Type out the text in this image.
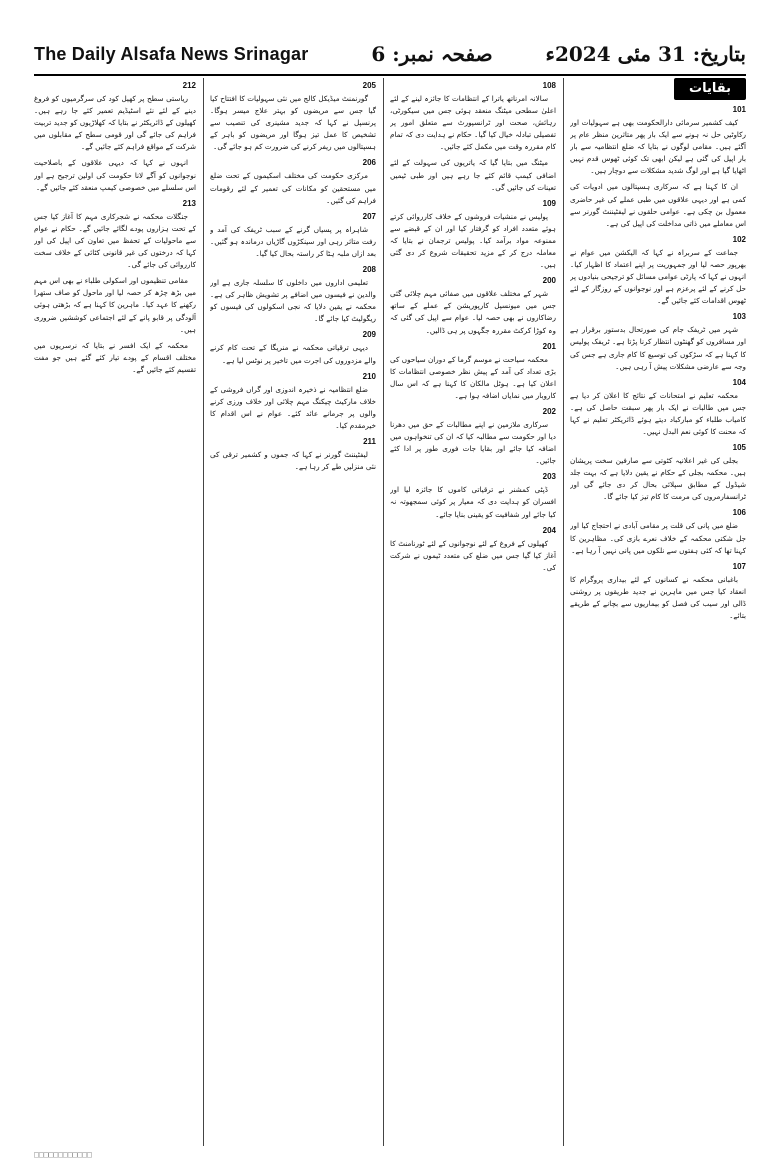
The Daily Alsafa News Srinagar	صفحہ نمبر: 6	بتاریخ: 31 مئی 2024ء
بقایات
101

کیف کشمیر سرمائی دارالحکومت بھی ہے سہولیات اور رکاوٹیں حل نہ ہونے سے ایک بار پھر متاثرین منظر عام پر آگئے ہیں۔ مقامی لوگوں نے بتایا کہ ضلع انتظامیہ سے بار بار اپیل کی گئی ہے لیکن ابھی تک کوئی ٹھوس قدم نہیں اٹھایا گیا ہے اور لوگ شدید مشکلات سے دوچار ہیں۔

ان کا کہنا ہے کہ سرکاری ہسپتالوں میں ادویات کی کمی ہے اور دیہی علاقوں میں طبی عملے کی غیر حاضری معمول بن چکی ہے۔ عوامی حلقوں نے لیفٹیننٹ گورنر سے اس معاملے میں ذاتی مداخلت کی اپیل کی ہے۔

102

جماعت کے سربراہ نے کہا کہ الیکشن میں عوام نے بھرپور حصہ لیا اور جمہوریت پر اپنے اعتماد کا اظہار کیا۔ انہوں نے کہا کہ پارٹی عوامی مسائل کو ترجیحی بنیادوں پر حل کرنے کے لئے پرعزم ہے اور نوجوانوں کے روزگار کے لئے ٹھوس اقدامات کئے جائیں گے۔

103

شہر میں ٹریفک جام کی صورتحال بدستور برقرار ہے اور مسافروں کو گھنٹوں انتظار کرنا پڑتا ہے۔ ٹریفک پولیس کا کہنا ہے کہ سڑکوں کی توسیع کا کام جاری ہے جس کی وجہ سے عارضی مشکلات پیش آ رہی ہیں۔

104

محکمہ تعلیم نے امتحانات کے نتائج کا اعلان کر دیا ہے جس میں طالبات نے ایک بار پھر سبقت حاصل کی ہے۔ کامیاب طلباء کو مبارکباد دیتے ہوئے ڈائریکٹر تعلیم نے کہا کہ محنت کا کوئی نعم البدل نہیں۔

105

بجلی کی غیر اعلانیہ کٹوتی سے صارفین سخت پریشان ہیں۔ محکمہ بجلی کے حکام نے یقین دلایا ہے کہ بہت جلد شیڈول کے مطابق سپلائی بحال کر دی جائے گی اور ٹرانسفارمروں کی مرمت کا کام تیز کیا جائے گا۔

106

ضلع میں پانی کی قلت پر مقامی آبادی نے احتجاج کیا اور جل شکتی محکمہ کے خلاف نعرے بازی کی۔ مظاہرین کا کہنا تھا کہ کئی ہفتوں سے نلکوں میں پانی نہیں آ رہا ہے۔

107

باغبانی محکمہ نے کسانوں کے لئے بیداری پروگرام کا انعقاد کیا جس میں ماہرین نے جدید طریقوں پر روشنی ڈالی اور سیب کی فصل کو بیماریوں سے بچانے کے طریقے بتائے۔

108

سالانہ امرناتھ یاترا کے انتظامات کا جائزہ لینے کے لئے اعلیٰ سطحی میٹنگ منعقد ہوئی جس میں سیکورٹی، رہائش، صحت اور ٹرانسپورٹ سے متعلق امور پر تفصیلی تبادلہ خیال کیا گیا۔ حکام نے ہدایت دی کہ تمام کام مقررہ وقت میں مکمل کئے جائیں۔

میٹنگ میں بتایا گیا کہ یاتریوں کی سہولت کے لئے اضافی کیمپ قائم کئے جا رہے ہیں اور طبی ٹیمیں تعینات کی جائیں گی۔

109

پولیس نے منشیات فروشوں کے خلاف کارروائی کرتے ہوئے متعدد افراد کو گرفتار کیا اور ان کے قبضے سے ممنوعہ مواد برآمد کیا۔ پولیس ترجمان نے بتایا کہ معاملہ درج کر کے مزید تحقیقات شروع کر دی گئی ہیں۔

200

شہر کے مختلف علاقوں میں صفائی مہم چلائی گئی جس میں میونسپل کارپوریشن کے عملے کے ساتھ رضاکاروں نے بھی حصہ لیا۔ عوام سے اپیل کی گئی کہ وہ کوڑا کرکٹ مقررہ جگہوں پر ہی ڈالیں۔

201

محکمہ سیاحت نے موسم گرما کے دوران سیاحوں کی بڑی تعداد کی آمد کے پیش نظر خصوصی انتظامات کا اعلان کیا ہے۔ ہوٹل مالکان کا کہنا ہے کہ اس سال کاروبار میں نمایاں اضافہ ہوا ہے۔

202

سرکاری ملازمین نے اپنے مطالبات کے حق میں دھرنا دیا اور حکومت سے مطالبہ کیا کہ ان کی تنخواہوں میں اضافہ کیا جائے اور بقایا جات فوری طور پر ادا کئے جائیں۔

203

ڈپٹی کمشنر نے ترقیاتی کاموں کا جائزہ لیا اور افسران کو ہدایت دی کہ معیار پر کوئی سمجھوتہ نہ کیا جائے اور شفافیت کو یقینی بنایا جائے۔

204

کھیلوں کے فروغ کے لئے نوجوانوں کے لئے ٹورنامنٹ کا آغاز کیا گیا جس میں ضلع کی متعدد ٹیموں نے شرکت کی۔

205

گورنمنٹ میڈیکل کالج میں نئی سہولیات کا افتتاح کیا گیا جس سے مریضوں کو بہتر علاج میسر ہوگا۔ پرنسپل نے کہا کہ جدید مشینری کی تنصیب سے تشخیص کا عمل تیز ہوگا اور مریضوں کو باہر کے ہسپتالوں میں ریفر کرنے کی ضرورت کم ہو جائے گی۔

206

مرکزی حکومت کی مختلف اسکیموں کے تحت ضلع میں مستحقین کو مکانات کی تعمیر کے لئے رقومات فراہم کی گئیں۔

207

شاہراہ پر پسیاں گرنے کے سبب ٹریفک کی آمد و رفت متاثر رہی اور سینکڑوں گاڑیاں درماندہ ہو گئیں۔ بعد ازاں ملبہ ہٹا کر راستہ بحال کیا گیا۔

208

تعلیمی اداروں میں داخلوں کا سلسلہ جاری ہے اور والدین نے فیسوں میں اضافے پر تشویش ظاہر کی ہے۔ محکمہ نے یقین دلایا کہ نجی اسکولوں کی فیسوں کو ریگولیٹ کیا جائے گا۔

209

دیہی ترقیاتی محکمہ نے منریگا کے تحت کام کرنے والے مزدوروں کی اجرت میں تاخیر پر نوٹس لیا ہے۔

210

ضلع انتظامیہ نے ذخیرہ اندوزی اور گراں فروشی کے خلاف مارکیٹ چیکنگ مہم چلائی اور خلاف ورزی کرنے والوں پر جرمانے عائد کئے۔ عوام نے اس اقدام کا خیرمقدم کیا۔

211

لیفٹیننٹ گورنر نے کہا کہ جموں و کشمیر ترقی کی نئی منزلیں طے کر رہا ہے۔

212

ریاستی سطح پر کھیل کود کی سرگرمیوں کو فروغ دینے کے لئے نئے اسٹیڈیم تعمیر کئے جا رہے ہیں۔ کھیلوں کے ڈائریکٹر نے بتایا کہ کھلاڑیوں کو جدید تربیت فراہم کی جائے گی اور قومی سطح کے مقابلوں میں شرکت کے مواقع فراہم کئے جائیں گے۔

انہوں نے کہا کہ دیہی علاقوں کے باصلاحیت نوجوانوں کو آگے لانا حکومت کی اولین ترجیح ہے اور اس سلسلے میں خصوصی کیمپ منعقد کئے جائیں گے۔

213

جنگلات محکمہ نے شجرکاری مہم کا آغاز کیا جس کے تحت ہزاروں پودے لگائے جائیں گے۔ حکام نے عوام سے ماحولیات کے تحفظ میں تعاون کی اپیل کی اور کہا کہ درختوں کی غیر قانونی کٹائی کے خلاف سخت کارروائی کی جائے گی۔

مقامی تنظیموں اور اسکولی طلباء نے بھی اس مہم میں بڑھ چڑھ کر حصہ لیا اور ماحول کو صاف ستھرا رکھنے کا عہد کیا۔ ماہرین کا کہنا ہے کہ بڑھتی ہوئی آلودگی پر قابو پانے کے لئے اجتماعی کوششیں ضروری ہیں۔

محکمہ کے ایک افسر نے بتایا کہ نرسریوں میں مختلف اقسام کے پودے تیار کئے گئے ہیں جو مفت تقسیم کئے جائیں گے۔

□□□□□□□□□□□□
